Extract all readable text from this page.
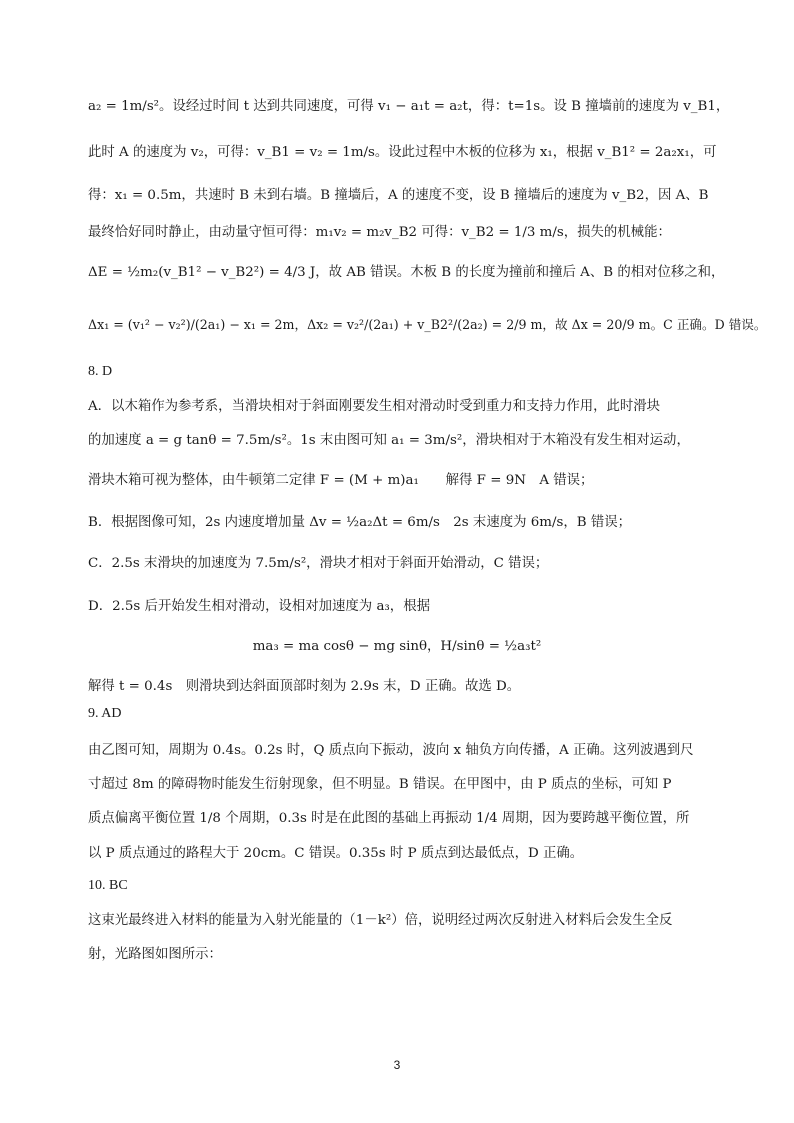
a₂ = 1m/s²。设经过时间 t 达到共同速度，可得 v₁ − a₁t = a₂t，得：t=1s。设 B 撞墙前的速度为 v_B1，
此时 A 的速度为 v₂，可得：v_B1 = v₂ = 1m/s。设此过程中木板的位移为 x₁，根据 v_B1² = 2a₂x₁，可
得：x₁ = 0.5m，共速时 B 未到右墙。B 撞墙后，A 的速度不变，设 B 撞墙后的速度为 v_B2，因 A、B
最终恰好同时静止，由动量守恒可得：m₁v₂ = m₂v_B2 可得：v_B2 = 1/3 m/s，损失的机械能：
ΔE = ½m₂(v_B1² − v_B2²) = 4/3 J，故 AB 错误。木板 B 的长度为撞前和撞后 A、B 的相对位移之和，
Δx₁ = (v₁² − v₂²)/(2a₁) − x₁ = 2m，Δx₂ = v₂²/(2a₁) + v_B2²/(2a₂) = 2/9 m，故 Δx = 20/9 m。C 正确。D 错误。
8. D
A．以木箱作为参考系，当滑块相对于斜面刚要发生相对滑动时受到重力和支持力作用，此时滑块
的加速度 a = g tanθ = 7.5m/s²。1s 末由图可知 a₁ = 3m/s²，滑块相对于木箱没有发生相对运动，
滑块木箱可视为整体，由牛顿第二定律 F = (M + m)a₁　　解得 F = 9N　A 错误；
B．根据图像可知，2s 内速度增加量 Δv = ½a₂Δt = 6m/s　2s 末速度为 6m/s，B 错误；
C．2.5s 末滑块的加速度为 7.5m/s²，滑块才相对于斜面开始滑动，C 错误；
D．2.5s 后开始发生相对滑动，设相对加速度为 a₃，根据
ma₃ = ma cosθ − mg sinθ，H/sinθ = ½a₃t²
解得 t = 0.4s　则滑块到达斜面顶部时刻为 2.9s 末，D 正确。故选 D。
9. AD
由乙图可知，周期为 0.4s。0.2s 时，Q 质点向下振动，波向 x 轴负方向传播，A 正确。这列波遇到尺
寸超过 8m 的障碍物时能发生衍射现象，但不明显。B 错误。在甲图中，由 P 质点的坐标，可知 P
质点偏离平衡位置 1/8 个周期，0.3s 时是在此图的基础上再振动 1/4 周期，因为要跨越平衡位置，所
以 P 质点通过的路程大于 20cm。C 错误。0.35s 时 P 质点到达最低点，D 正确。
10. BC
这束光最终进入材料的能量为入射光能量的（1－k²）倍，说明经过两次反射进入材料后会发生全反
射，光路图如图所示：
3
